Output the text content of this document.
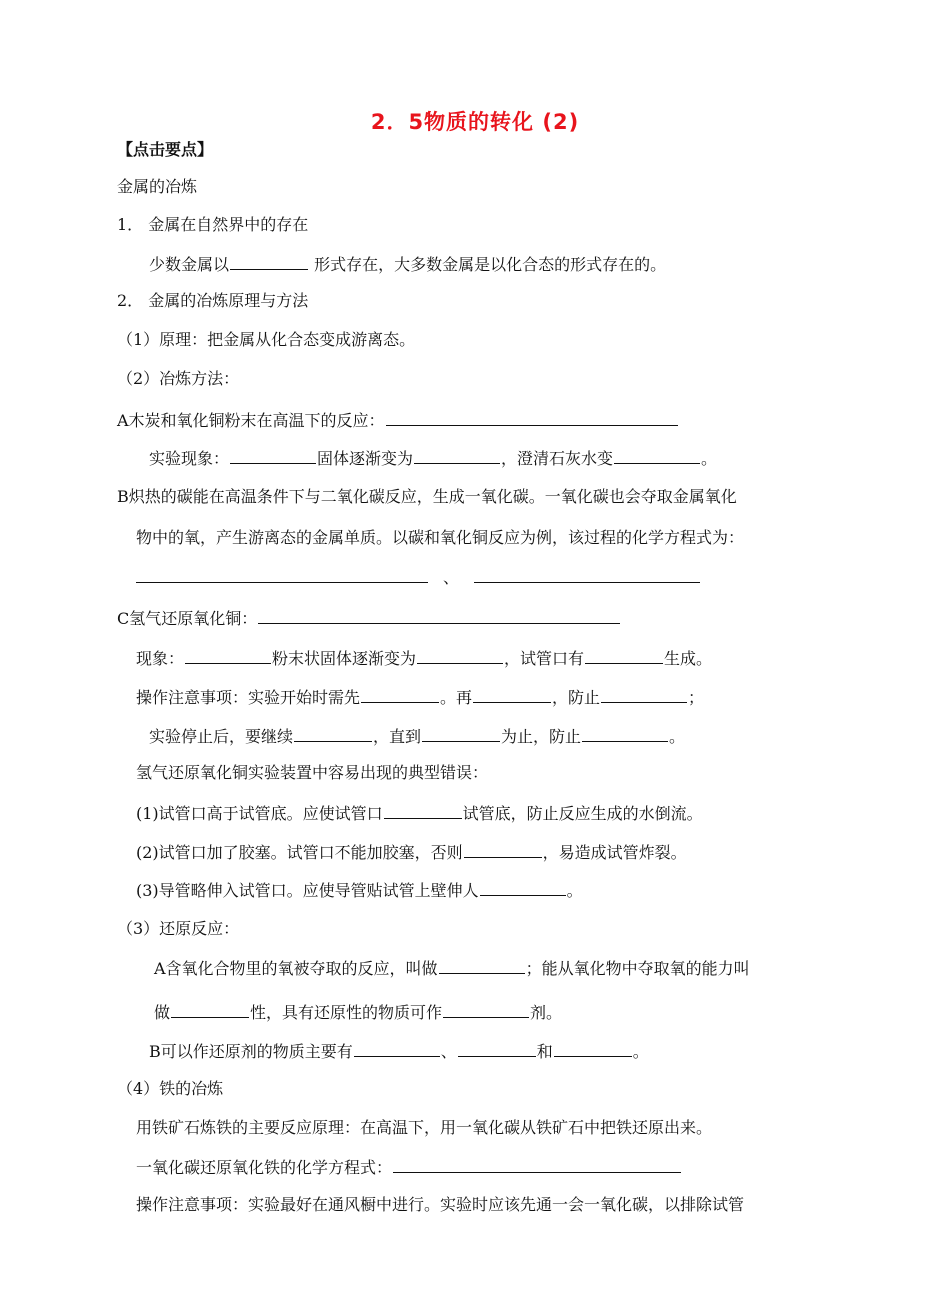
2．5物质的转化 (2)
【点击要点】
金属的冶炼
1． 金属在自然界中的存在
少数金属以	形式存在，大多数金属是以化合态的形式存在的。
2． 金属的冶炼原理与方法
（1）原理：把金属从化合态变成游离态。
（2）冶炼方法：
A木炭和氧化铜粉末在高温下的反应：
实验现象：	固体逐渐变为	，澄清石灰水变	。
B炽热的碳能在高温条件下与二氧化碳反应，生成一氧化碳。一氧化碳也会夺取金属氧化
物中的氧，产生游离态的金属单质。以碳和氧化铜反应为例，该过程的化学方程式为：
、
C氢气还原氧化铜：
现象：	粉末状固体逐渐变为	，试管口有	生成。
操作注意事项：实验开始时需先	。再	，防止	；
实验停止后，要继续	，直到	为止，防止	。
氢气还原氧化铜实验装置中容易出现的典型错误：
(1)试管口高于试管底。应使试管口	试管底，防止反应生成的水倒流。
(2)试管口加了胶塞。试管口不能加胶塞，否则	，易造成试管炸裂。
(3)导管略伸入试管口。应使导管贴试管上壁伸人	。
（3）还原反应：
A含氧化合物里的氧被夺取的反应，叫做	；能从氧化物中夺取氧的能力叫
做	性，具有还原性的物质可作	剂。
B可以作还原剂的物质主要有	、	和	。
（4）铁的冶炼
用铁矿石炼铁的主要反应原理：在高温下，用一氧化碳从铁矿石中把铁还原出来。
一氧化碳还原氧化铁的化学方程式：
操作注意事项：实验最好在通风橱中进行。实验时应该先通一会一氧化碳，以排除试管
